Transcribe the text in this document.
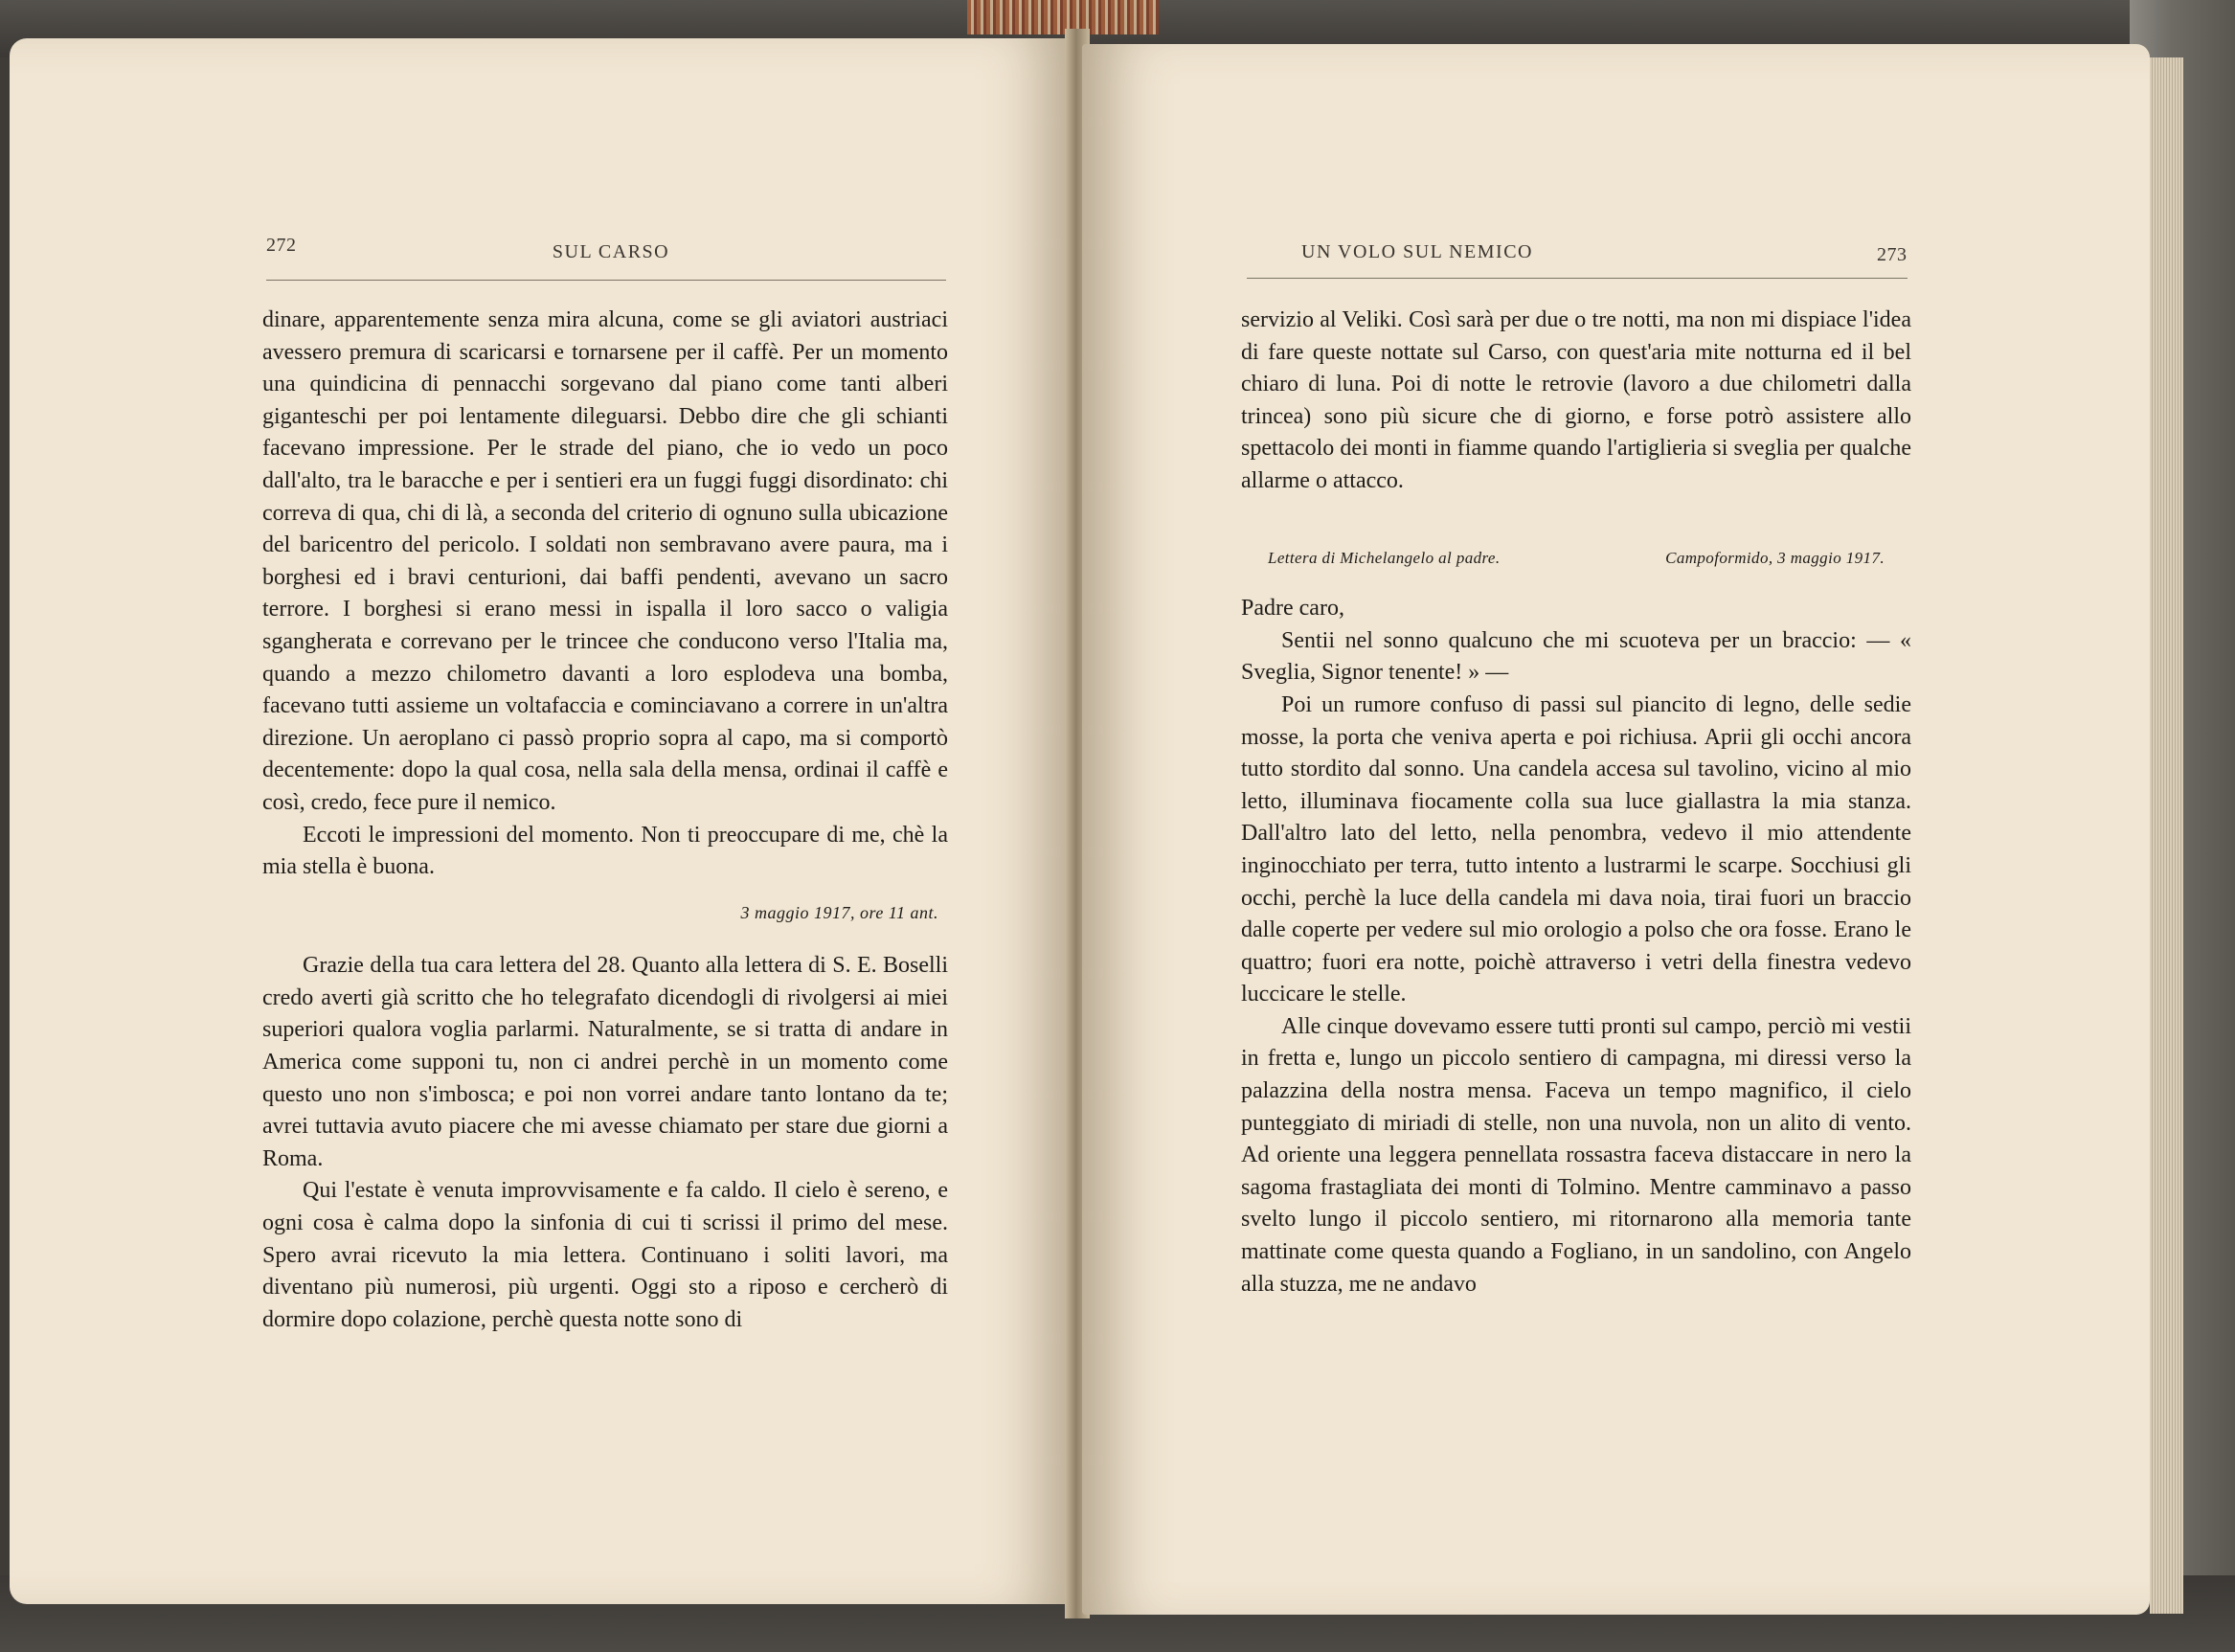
272	SUL CARSO

dinare, apparentemente senza mira alcuna, come se gli aviatori austriaci avessero premura di scaricarsi e tornarsene per il caffè. Per un momento una quindicina di pennacchi sorgevano dal piano come tanti alberi giganteschi per poi lentamente dileguarsi. Debbo dire che gli schianti facevano impressione. Per le strade del piano, che io vedo un poco dall'alto, tra le baracche e per i sentieri era un fuggi fuggi disordinato: chi correva di qua, chi di là, a seconda del criterio di ognuno sulla ubicazione del baricentro del pericolo. I soldati non sembravano avere paura, ma i borghesi ed i bravi centurioni, dai baffi pendenti, avevano un sacro terrore. I borghesi si erano messi in ispalla il loro sacco o valigia sgangherata e correvano per le trincee che conducono verso l'Italia ma, quando a mezzo chilometro davanti a loro esplodeva una bomba, facevano tutti assieme un voltafaccia e cominciavano a correre in un'altra direzione. Un aeroplano ci passò proprio sopra al capo, ma si comportò decentemente: dopo la qual cosa, nella sala della mensa, ordinai il caffè e così, credo, fece pure il nemico.

Eccoti le impressioni del momento. Non ti preoccupare di me, chè la mia stella è buona.

3 maggio 1917, ore 11 ant.

Grazie della tua cara lettera del 28. Quanto alla lettera di S. E. Boselli credo averti già scritto che ho telegrafato dicendogli di rivolgersi ai miei superiori qualora voglia parlarmi. Naturalmente, se si tratta di andare in America come supponi tu, non ci andrei perchè in un momento come questo uno non s'imbosca; e poi non vorrei andare tanto lontano da te; avrei tuttavia avuto piacere che mi avesse chiamato per stare due giorni a Roma.

Qui l'estate è venuta improvvisamente e fa caldo. Il cielo è sereno, e ogni cosa è calma dopo la sinfonia di cui ti scrissi il primo del mese. Spero avrai ricevuto la mia lettera. Continuano i soliti lavori, ma diventano più numerosi, più urgenti. Oggi sto a riposo e cercherò di dormire dopo colazione, perchè questa notte sono di

UN VOLO SUL NEMICO	273

servizio al Veliki. Così sarà per due o tre notti, ma non mi dispiace l'idea di fare queste nottate sul Carso, con quest'aria mite notturna ed il bel chiaro di luna. Poi di notte le retrovie (lavoro a due chilometri dalla trincea) sono più sicure che di giorno, e forse potrò assistere allo spettacolo dei monti in fiamme quando l'artiglieria si sveglia per qualche allarme o attacco.

Lettera di Michelangelo al padre.	Campoformido, 3 maggio 1917.

Padre caro,

Sentii nel sonno qualcuno che mi scuoteva per un braccio: — « Sveglia, Signor tenente! » —

Poi un rumore confuso di passi sul piancito di legno, delle sedie mosse, la porta che veniva aperta e poi richiusa. Aprii gli occhi ancora tutto stordito dal sonno. Una candela accesa sul tavolino, vicino al mio letto, illuminava fiocamente colla sua luce giallastra la mia stanza. Dall'altro lato del letto, nella penombra, vedevo il mio attendente inginocchiato per terra, tutto intento a lustrarmi le scarpe. Socchiusi gli occhi, perchè la luce della candela mi dava noia, tirai fuori un braccio dalle coperte per vedere sul mio orologio a polso che ora fosse. Erano le quattro; fuori era notte, poichè attraverso i vetri della finestra vedevo luccicare le stelle.

Alle cinque dovevamo essere tutti pronti sul campo, perciò mi vestii in fretta e, lungo un piccolo sentiero di campagna, mi diressi verso la palazzina della nostra mensa. Faceva un tempo magnifico, il cielo punteggiato di miriadi di stelle, non una nuvola, non un alito di vento. Ad oriente una leggera pennellata rossastra faceva distaccare in nero la sagoma frastagliata dei monti di Tolmino. Mentre camminavo a passo svelto lungo il piccolo sentiero, mi ritornarono alla memoria tante mattinate come questa quando a Fogliano, in un sandolino, con Angelo alla stuzza, me ne andavo
